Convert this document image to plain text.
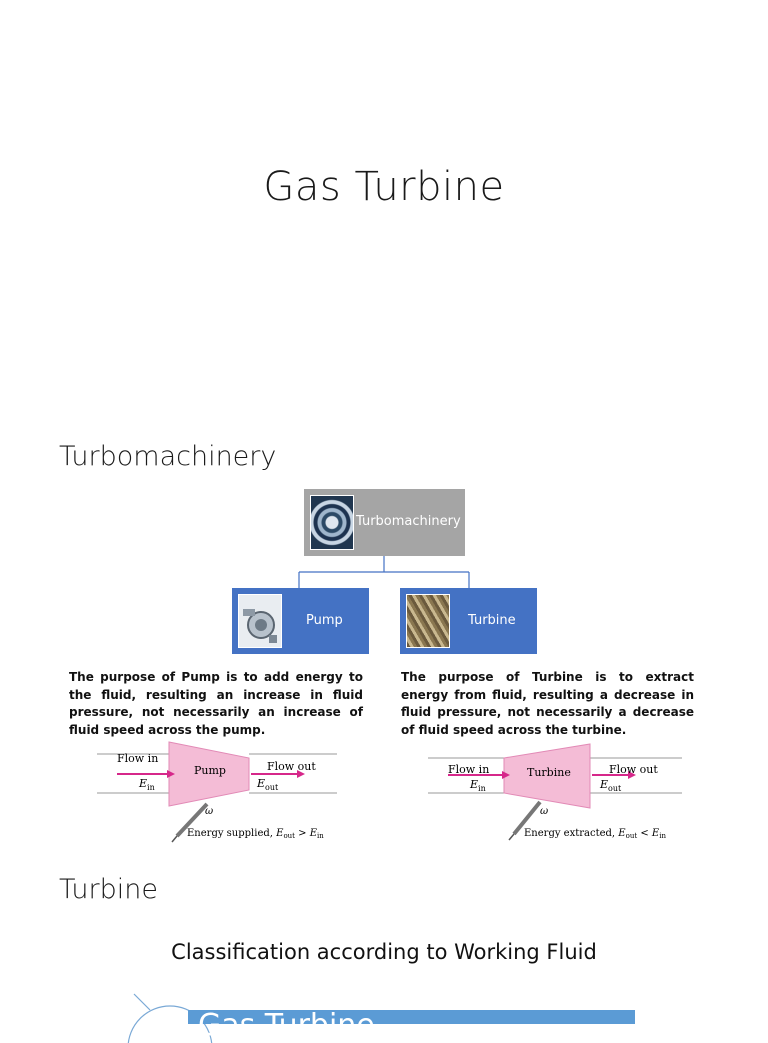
Gas Turbine
Turbomachinery
Turbomachinery
Pump	Turbine
The purpose of Pump is to add energy to the fluid, resulting an increase in fluid pressure, not necessarily an increase of fluid speed across the pump.
The purpose of Turbine is to extract energy from fluid, resulting a decrease in fluid pressure, not necessarily a decrease of fluid speed across the turbine.
Flow in
$E_{in}$
Pump	Flow out
$E_{out}$
ω
Energy supplied, $E_{out} > E_{in}$
Flow in
$E_{in}$
Turbine	Flow out
$E_{out}$
ω
Energy extracted, $E_{out} < E_{in}$
Turbine
Classification according to Working Fluid
Gas Turbine
